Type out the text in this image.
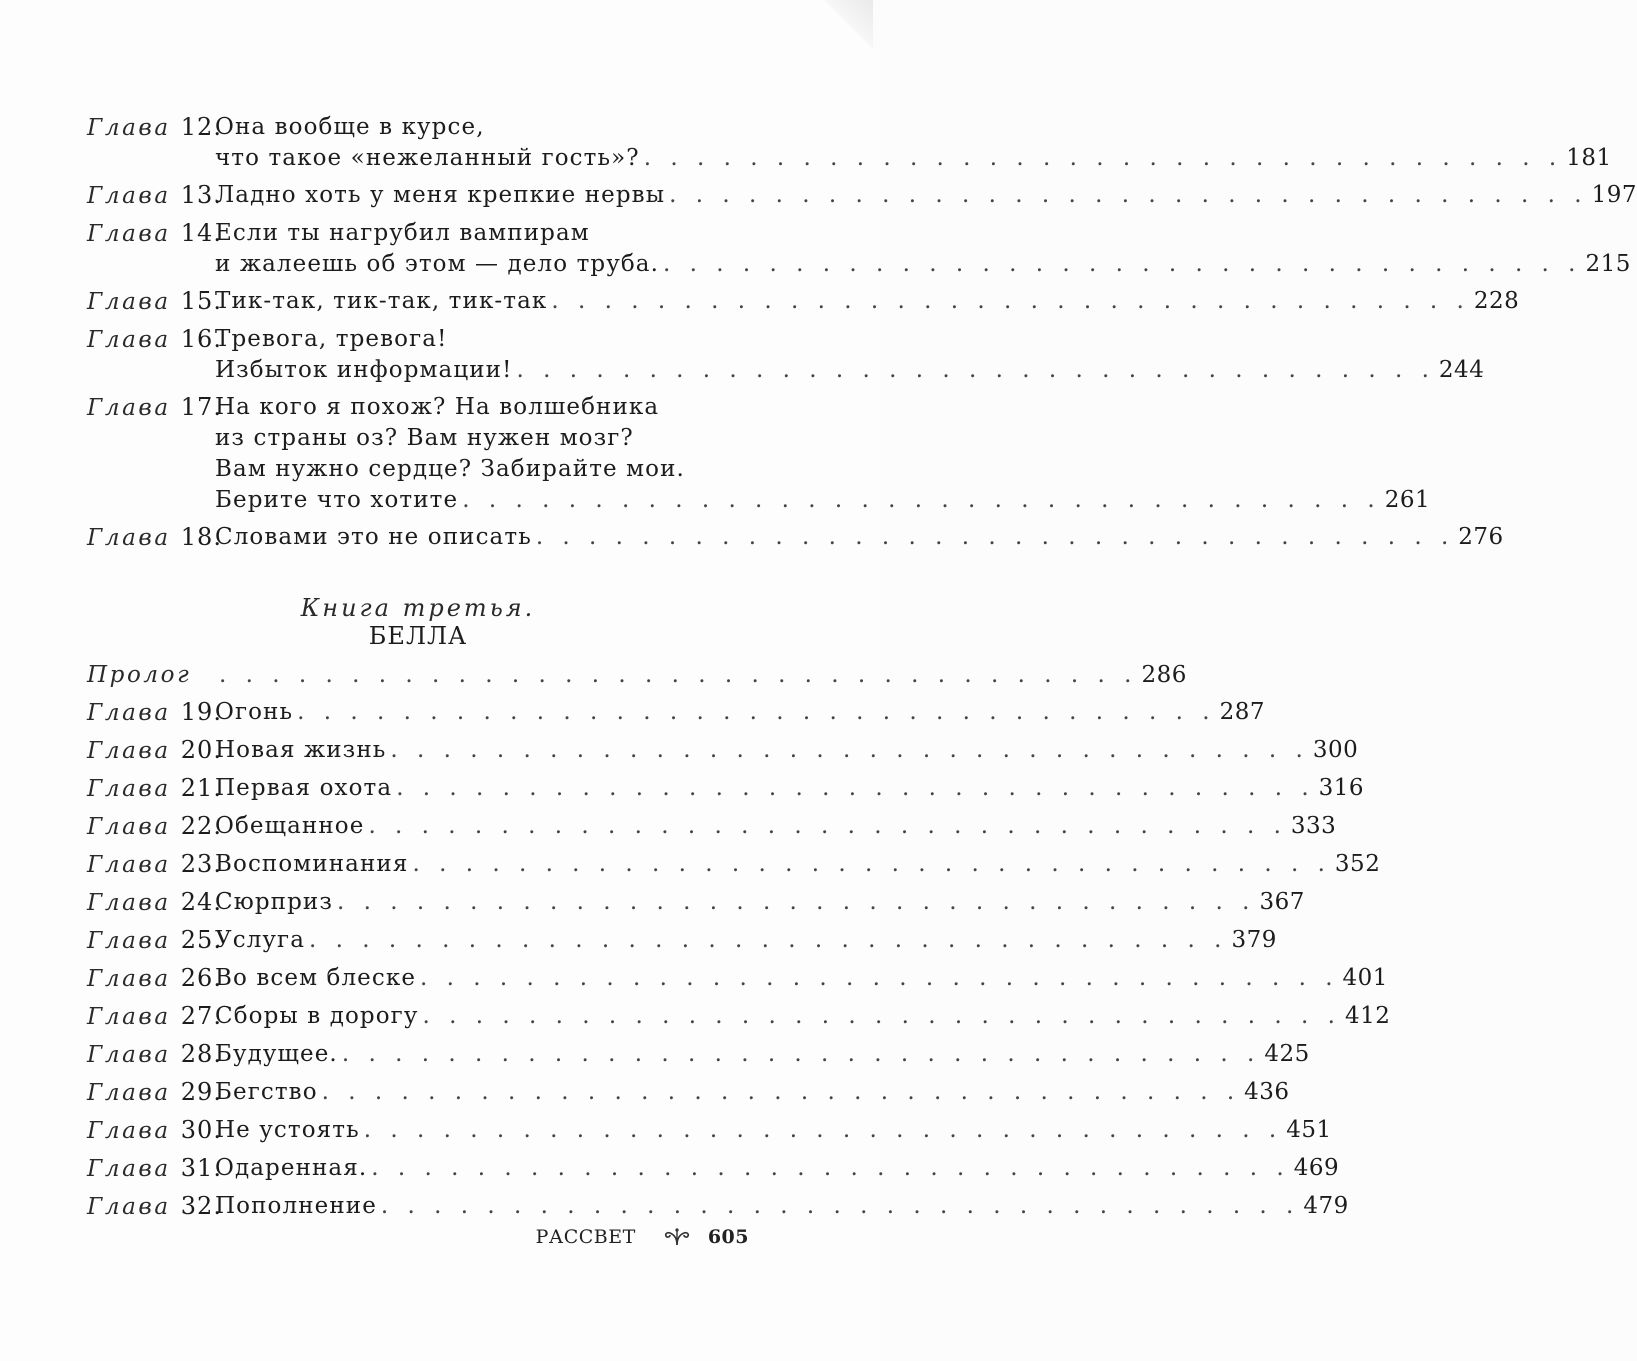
Глава 12.
Она вообще в курсе,
что такое «нежеланный гость»? . . . . . . . . . . . . . . . . . . . . . . . . . . . . . . . . . . . 181
Глава 13.
Ладно хоть у меня крепкие нервы . . . . . . . . . . . . . . . . . . . . . . . . . . . . . . . . . . . 197
Глава 14.
Если ты нагрубил вампирам
и жалеешь об этом — дело труба. . . . . . . . . . . . . . . . . . . . . . . . . . . . . . . . . . . . 215
Глава 15.
Тик-так, тик-так, тик-так . . . . . . . . . . . . . . . . . . . . . . . . . . . . . . . . . . . 228
Глава 16.
Тревога, тревога!
Избыток информации! . . . . . . . . . . . . . . . . . . . . . . . . . . . . . . . . . . . 244
Глава 17.
На кого я похож? На волшебника
из страны оз? Вам нужен мозг?
Вам нужно сердце? Забирайте мои.
Берите что хотите . . . . . . . . . . . . . . . . . . . . . . . . . . . . . . . . . . . 261
Глава 18.
Словами это не описать . . . . . . . . . . . . . . . . . . . . . . . . . . . . . . . . . . . 276
Книга третья.
БЕЛЛА
Пролог	. . . . . . . . . . . . . . . . . . . . . . . . . . . . . . . . . . . 286
Глава 19.
Огонь . . . . . . . . . . . . . . . . . . . . . . . . . . . . . . . . . . . 287
Глава 20.
Новая жизнь . . . . . . . . . . . . . . . . . . . . . . . . . . . . . . . . . . . 300
Глава 21.
Первая охота . . . . . . . . . . . . . . . . . . . . . . . . . . . . . . . . . . . 316
Глава 22.
Обещанное . . . . . . . . . . . . . . . . . . . . . . . . . . . . . . . . . . . 333
Глава 23.
Воспоминания . . . . . . . . . . . . . . . . . . . . . . . . . . . . . . . . . . . 352
Глава 24.
Сюрприз . . . . . . . . . . . . . . . . . . . . . . . . . . . . . . . . . . . 367
Глава 25.
Услуга . . . . . . . . . . . . . . . . . . . . . . . . . . . . . . . . . . . 379
Глава 26.
Во всем блеске . . . . . . . . . . . . . . . . . . . . . . . . . . . . . . . . . . . 401
Глава 27.
Сборы в дорогу . . . . . . . . . . . . . . . . . . . . . . . . . . . . . . . . . . . 412
Глава 28.
Будущее. . . . . . . . . . . . . . . . . . . . . . . . . . . . . . . . . . . . 425
Глава 29.
Бегство . . . . . . . . . . . . . . . . . . . . . . . . . . . . . . . . . . . 436
Глава 30.
Не устоять . . . . . . . . . . . . . . . . . . . . . . . . . . . . . . . . . . . 451
Глава 31.
Одаренная. . . . . . . . . . . . . . . . . . . . . . . . . . . . . . . . . . . . 469
Глава 32.
Пополнение . . . . . . . . . . . . . . . . . . . . . . . . . . . . . . . . . . . 479
РАССВЕТ	605
